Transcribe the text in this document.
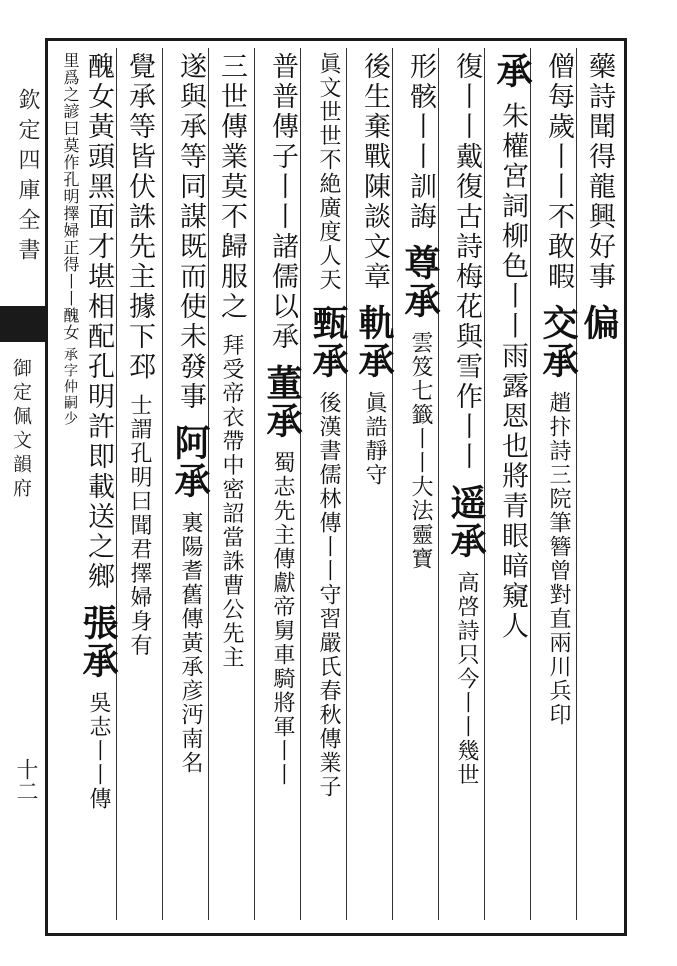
欽定四庫全書
御定佩文韻府
十二
藥詩聞得龍興好事 偏
僧每歲丨丨不敢暇 交承 趙抃詩三院筆簪曾對直兩川兵印
承 朱權宮詞柳色丨丨雨露恩也將青眼暗窺人
復丨丨戴復古詩梅花與雪作丨丨 遥承 高啓詩只今丨丨幾世
形骸丨丨訓誨 尊承 雲笈七籤丨丨大法靈寶
後生棄戰陳談文章 軌承 眞誥靜守
眞文世世不絶廣度人天 甄承 後漢書儒林傳丨丨守習嚴氏春秋傳業子
普普傳子丨丨諸儒以承 董承 蜀志先主傳獻帝舅車騎將軍丨丨
三世傳業莫不歸服之 拜受帝衣帶中密詔當誅曹公先主
遂與承等同謀既而使未發事 阿承 裏陽耆舊傳黃承彦沔南名
覺承等皆伏誅先主據下邳 士謂孔明曰聞君擇婦身有
醜女黃頭黑面才堪相配孔明許即載送之鄉 張承 吳志丨丨傳
里爲之諺曰莫作孔明擇婦正得丨丨醜女 承字仲嗣少
